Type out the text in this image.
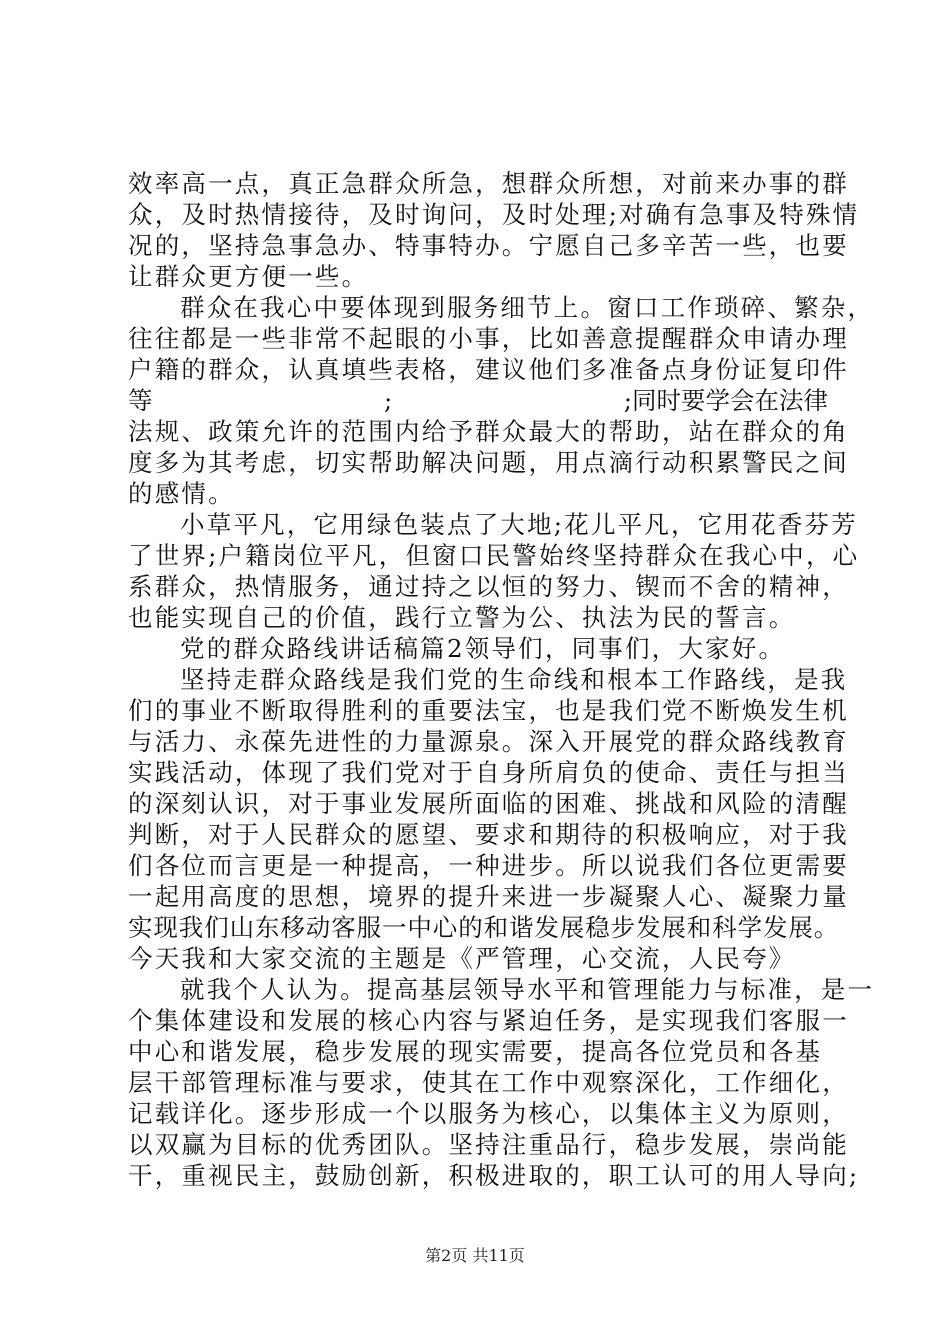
效率高一点，真正急群众所急，想群众所想，对前来办事的群
众，及时热情接待，及时询问，及时处理;对确有急事及特殊情
况的，坚持急事急办、特事特办。宁愿自己多辛苦一些，也要
让群众更方便一些。
群众在我心中要体现到服务细节上。窗口工作琐碎、繁杂，
往往都是一些非常不起眼的小事，比如善意提醒群众申请办理
户籍的群众，认真填些表格，建议他们多准备点身份证复印件
等	;	;同时要学会在法律
法规、政策允许的范围内给予群众最大的帮助，站在群众的角
度多为其考虑，切实帮助解决问题，用点滴行动积累警民之间
的感情。
小草平凡，它用绿色装点了大地;花儿平凡，它用花香芬芳
了世界;户籍岗位平凡，但窗口民警始终坚持群众在我心中，心
系群众，热情服务，通过持之以恒的努力、锲而不舍的精神，
也能实现自己的价值，践行立警为公、执法为民的誓言。
党的群众路线讲话稿篇2领导们，同事们，大家好。
坚持走群众路线是我们党的生命线和根本工作路线，是我
们的事业不断取得胜利的重要法宝，也是我们党不断焕发生机
与活力、永葆先进性的力量源泉。深入开展党的群众路线教育
实践活动，体现了我们党对于自身所肩负的使命、责任与担当
的深刻认识，对于事业发展所面临的困难、挑战和风险的清醒
判断，对于人民群众的愿望、要求和期待的积极响应，对于我
们各位而言更是一种提高，一种进步。所以说我们各位更需要
一起用高度的思想，境界的提升来进一步凝聚人心、凝聚力量
实现我们山东移动客服一中心的和谐发展稳步发展和科学发展。
今天我和大家交流的主题是《严管理，心交流，人民夸》
就我个人认为。提高基层领导水平和管理能力与标准，是一
个集体建设和发展的核心内容与紧迫任务，是实现我们客服一
中心和谐发展，稳步发展的现实需要，提高各位党员和各基
层干部管理标准与要求，使其在工作中观察深化，工作细化，
记载详化。逐步形成一个以服务为核心，以集体主义为原则，
以双赢为目标的优秀团队。坚持注重品行，稳步发展，崇尚能
干，重视民主，鼓励创新，积极进取的，职工认可的用人导向;
第2页 共11页
